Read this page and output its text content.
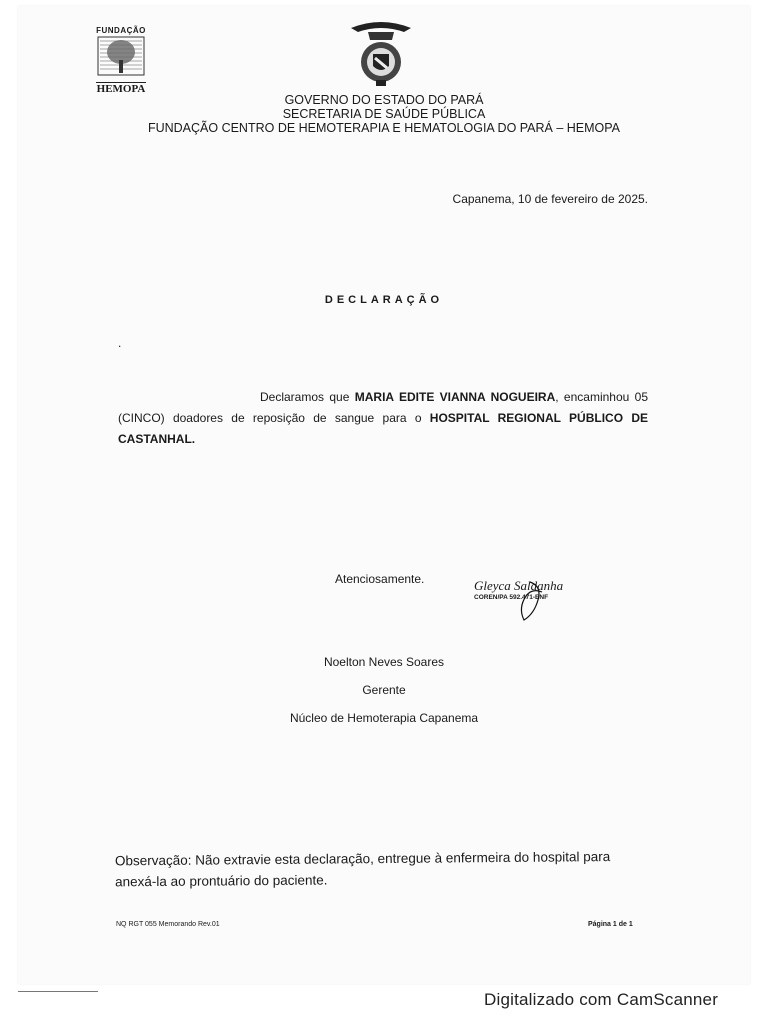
FUNDAÇÃO
HEMOPA
GOVERNO DO ESTADO DO PARÁ
SECRETARIA DE SAÚDE PÚBLICA
FUNDAÇÃO CENTRO DE HEMOTERAPIA E HEMATOLOGIA DO PARÁ – HEMOPA
Capanema, 10 de fevereiro de 2025.
DECLARAÇÃO
.
Declaramos que MARIA EDITE VIANNA NOGUEIRA, encaminhou 05 (CINCO) doadores de reposição de sangue para o HOSPITAL REGIONAL PÚBLICO DE CASTANHAL.
Atenciosamente.	Gleyca Saldanha
COREN/PA 592.471-ENF
Noelton Neves Soares
Gerente
Núcleo de Hemoterapia Capanema
Observação: Não extravie esta declaração, entregue à enfermeira do hospital para anexá-la ao prontuário do paciente.
NQ RGT 055 Memorando Rev.01	Página 1 de 1
Digitalizado com CamScanner
